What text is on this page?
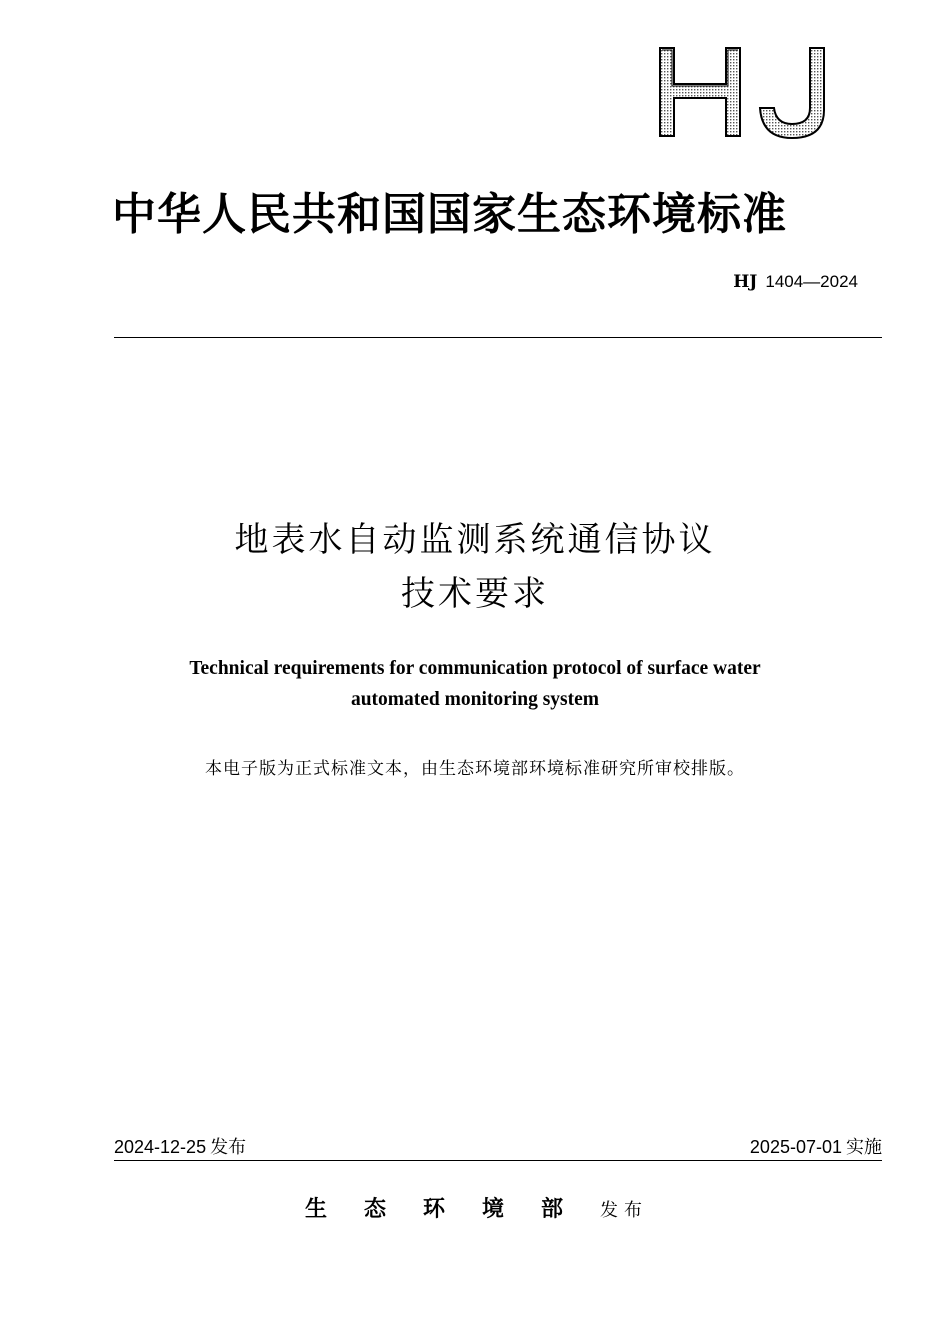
中华人民共和国国家生态环境标准
HJ 1404—2024
地表水自动监测系统通信协议
技术要求
Technical requirements for communication protocol of surface water
automated monitoring system
本电子版为正式标准文本，由生态环境部环境标准研究所审校排版。
2024-12-25 发布	2025-07-01 实施
生态环境部发布
